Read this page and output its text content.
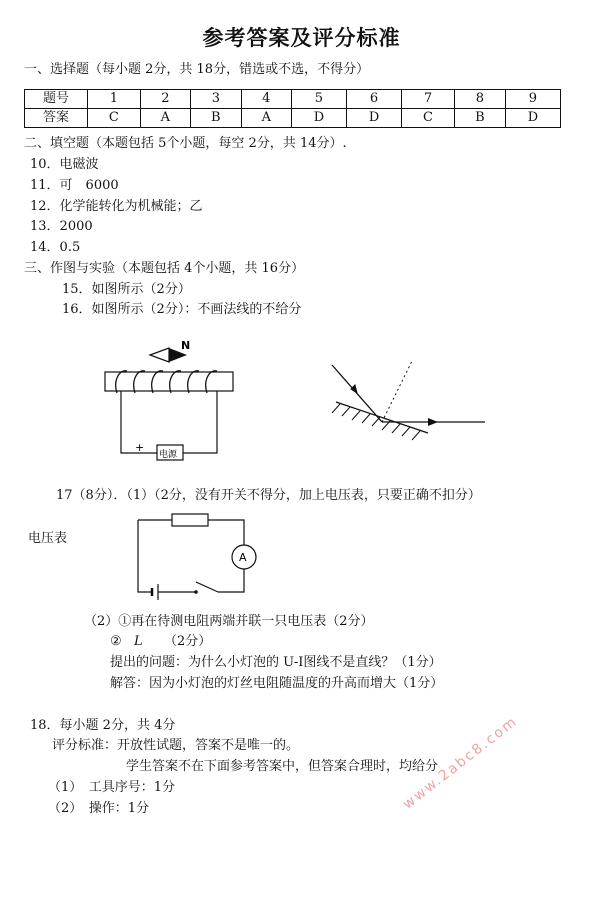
参考答案及评分标准
一、选择题（每小题 2分，共 18分，错选或不选，不得分）
题号	1	2	3	4	5	6	7	8	9
答案	C	A	B	A	D	D	C	B	D
二、填空题（本题包括 5个小题，每空 2分，共 14分）.
10．电磁波
11．可　6000
12．化学能转化为机械能；乙
13．2000
14．0.5
三、作图与实验（本题包括 4个小题，共 16分）
15．如图所示（2分）
16．如图所示（2分）：不画法线的不给分
N
电源
+
17（8分）．（1）（2分，没有开关不得分，加上电压表，只要正确不扣分）
电压表
A
（2）①再在待测电阻两端并联一只电压表（2分）
② L （2分）
提出的问题：为什么小灯泡的 U-I图线不是直线？（1分）
解答：因为小灯泡的灯丝电阻随温度的升高而增大（1分）
18．每小题 2分，共 4分
评分标准：开放性试题，答案不是唯一的。
学生答案不在下面参考答案中，但答案合理时，均给分
（1）　工具序号：1分
（2）　操作：1分	www.2abc8.com
